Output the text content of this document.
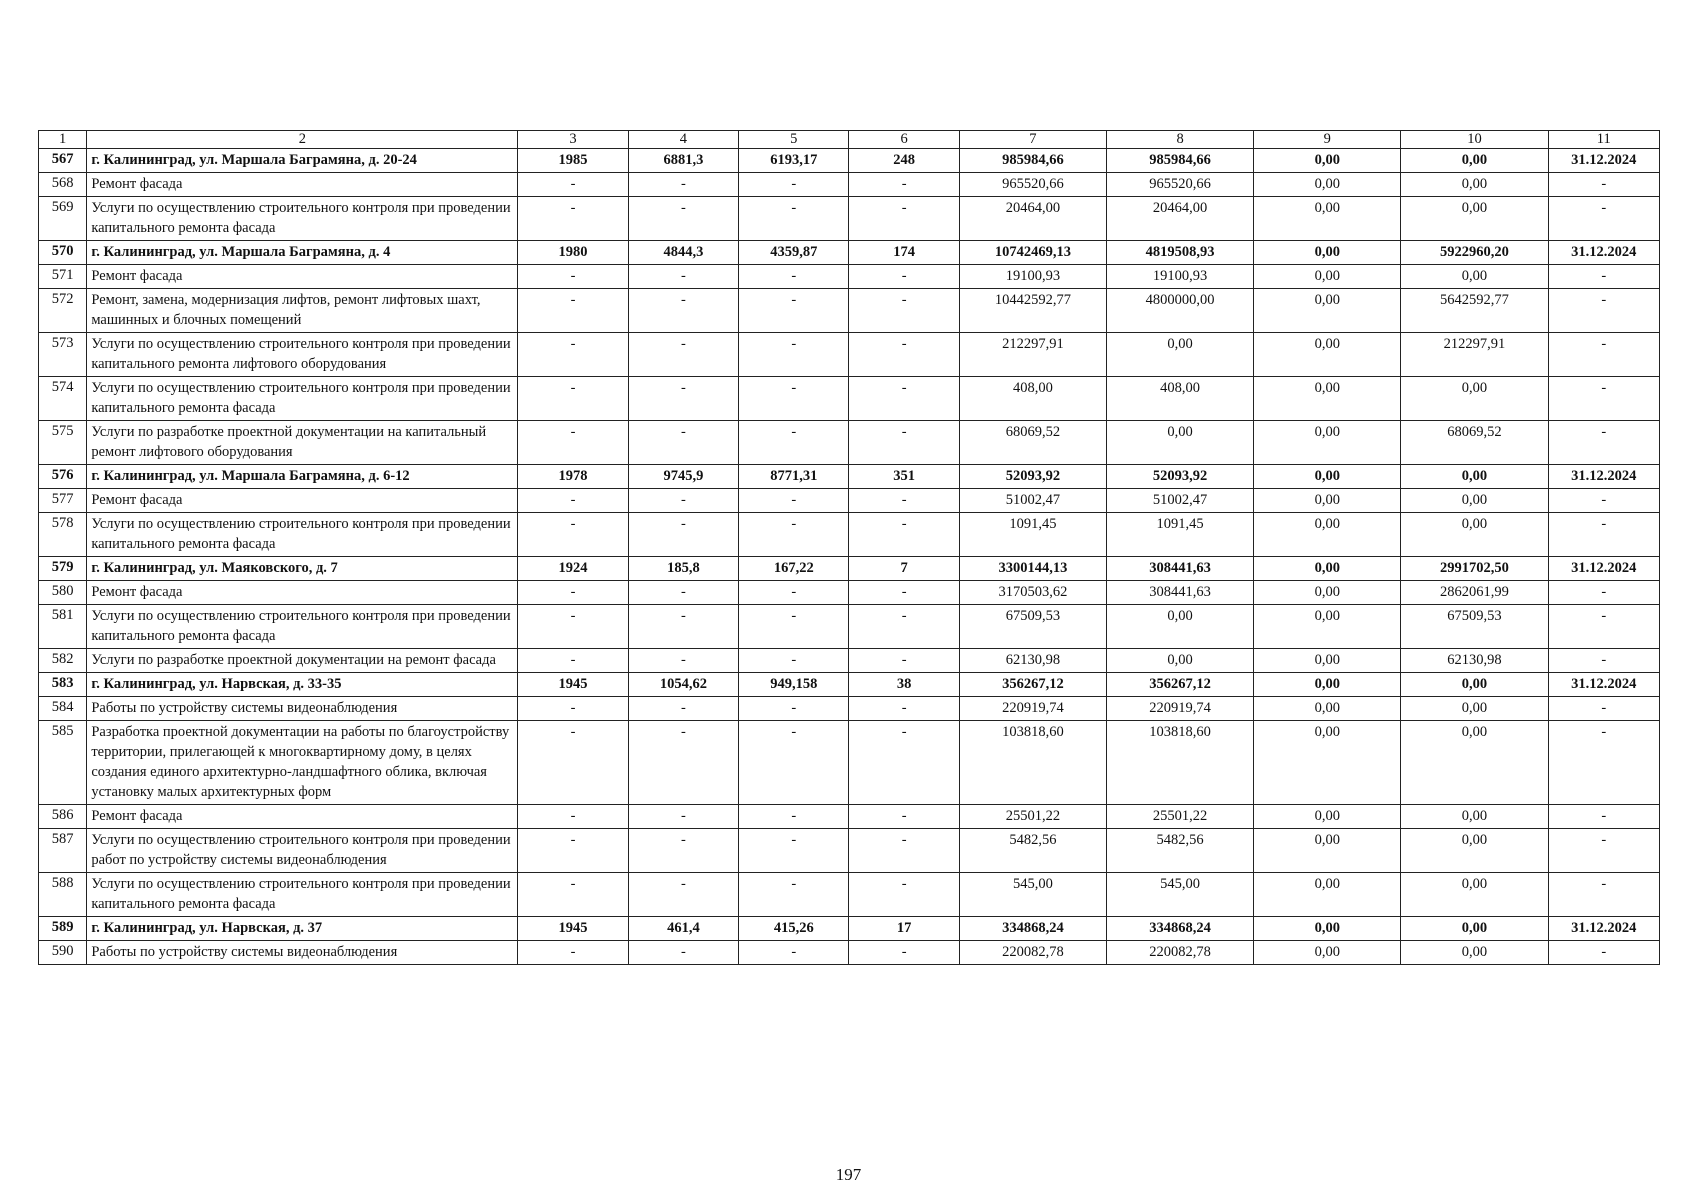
1	2	3	4	5	6	7	8	9	10	11
567	г. Калининград, ул. Маршала Баграмяна, д. 20-24	1985	6881,3	6193,17	248	985984,66	985984,66	0,00	0,00	31.12.2024
568	Ремонт фасада	-	-	-	-	965520,66	965520,66	0,00	0,00	-
569	Услуги по осуществлению строительного контроля при проведении капитального ремонта фасада	-	-	-	-	20464,00	20464,00	0,00	0,00	-
570	г. Калининград, ул. Маршала Баграмяна, д. 4	1980	4844,3	4359,87	174	10742469,13	4819508,93	0,00	5922960,20	31.12.2024
571	Ремонт фасада	-	-	-	-	19100,93	19100,93	0,00	0,00	-
572	Ремонт, замена, модернизация лифтов, ремонт лифтовых шахт, машинных и блочных помещений	-	-	-	-	10442592,77	4800000,00	0,00	5642592,77	-
573	Услуги по осуществлению строительного контроля при проведении капитального ремонта лифтового оборудования	-	-	-	-	212297,91	0,00	0,00	212297,91	-
574	Услуги по осуществлению строительного контроля при проведении капитального ремонта фасада	-	-	-	-	408,00	408,00	0,00	0,00	-
575	Услуги по разработке проектной документации на капитальный ремонт лифтового оборудования	-	-	-	-	68069,52	0,00	0,00	68069,52	-
576	г. Калининград, ул. Маршала Баграмяна, д. 6-12	1978	9745,9	8771,31	351	52093,92	52093,92	0,00	0,00	31.12.2024
577	Ремонт фасада	-	-	-	-	51002,47	51002,47	0,00	0,00	-
578	Услуги по осуществлению строительного контроля при проведении капитального ремонта фасада	-	-	-	-	1091,45	1091,45	0,00	0,00	-
579	г. Калининград, ул. Маяковского, д. 7	1924	185,8	167,22	7	3300144,13	308441,63	0,00	2991702,50	31.12.2024
580	Ремонт фасада	-	-	-	-	3170503,62	308441,63	0,00	2862061,99	-
581	Услуги по осуществлению строительного контроля при проведении капитального ремонта фасада	-	-	-	-	67509,53	0,00	0,00	67509,53	-
582	Услуги по разработке проектной документации на ремонт фасада	-	-	-	-	62130,98	0,00	0,00	62130,98	-
583	г. Калининград, ул. Нарвская, д. 33-35	1945	1054,62	949,158	38	356267,12	356267,12	0,00	0,00	31.12.2024
584	Работы по устройству системы видеонаблюдения	-	-	-	-	220919,74	220919,74	0,00	0,00	-
585	Разработка проектной документации на работы по благоустройству территории, прилегающей к многоквартирному дому, в целях создания единого архитектурно-ландшафтного облика, включая установку малых архитектурных форм	-	-	-	-	103818,60	103818,60	0,00	0,00	-
586	Ремонт фасада	-	-	-	-	25501,22	25501,22	0,00	0,00	-
587	Услуги по осуществлению строительного контроля при проведении работ по устройству системы видеонаблюдения	-	-	-	-	5482,56	5482,56	0,00	0,00	-
588	Услуги по осуществлению строительного контроля при проведении капитального ремонта фасада	-	-	-	-	545,00	545,00	0,00	0,00	-
589	г. Калининград, ул. Нарвская, д. 37	1945	461,4	415,26	17	334868,24	334868,24	0,00	0,00	31.12.2024
590	Работы по устройству системы видеонаблюдения	-	-	-	-	220082,78	220082,78	0,00	0,00	-
197
